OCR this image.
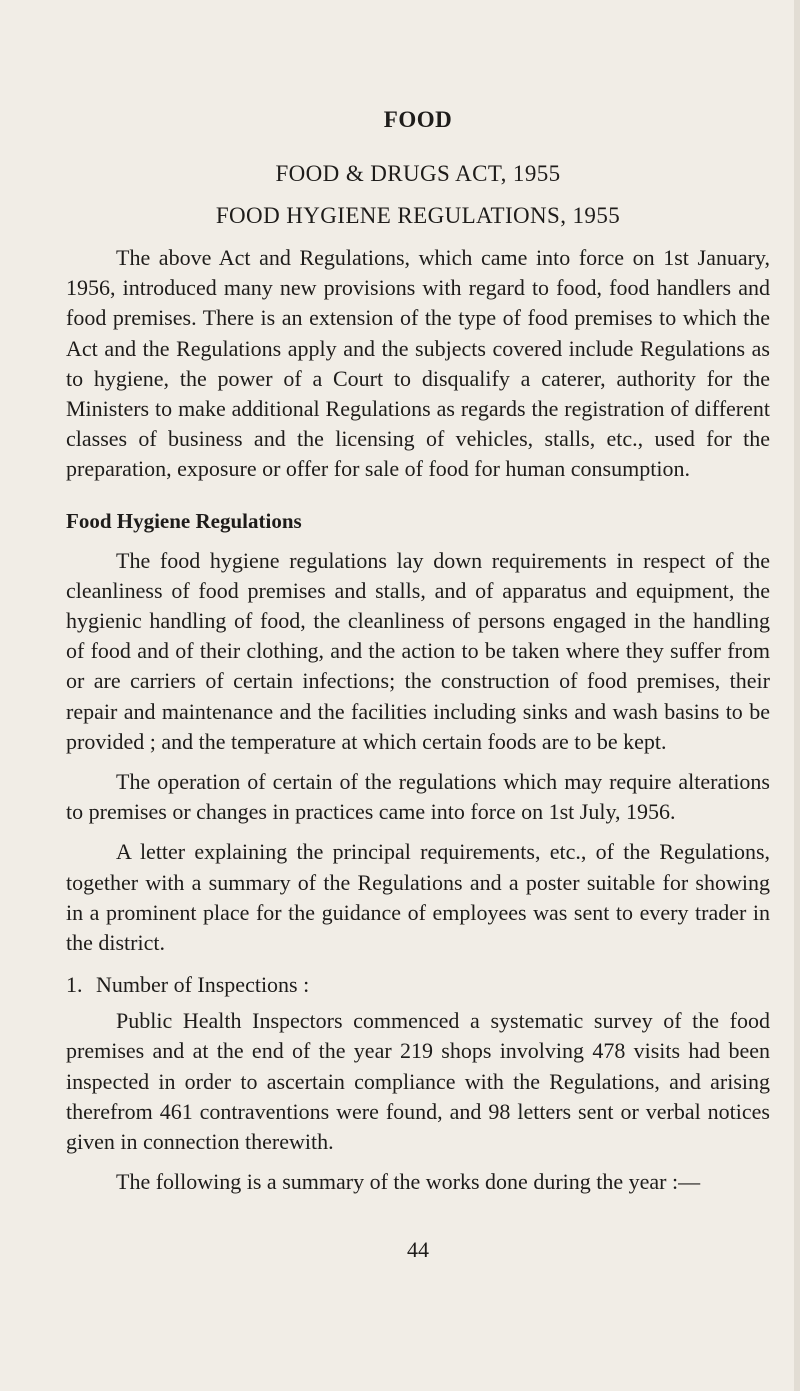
FOOD
FOOD & DRUGS ACT, 1955
FOOD HYGIENE REGULATIONS, 1955

The above Act and Regulations, which came into force on 1st January, 1956, introduced many new provisions with regard to food, food handlers and food premises. There is an extension of the type of food premises to which the Act and the Regulations apply and the subjects covered include Regulations as to hygiene, the power of a Court to disqualify a caterer, authority for the Ministers to make additional Regulations as regards the registration of different classes of business and the licensing of vehicles, stalls, etc., used for the preparation, exposure or offer for sale of food for human consumption.

Food Hygiene Regulations

The food hygiene regulations lay down requirements in respect of the cleanliness of food premises and stalls, and of apparatus and equipment, the hygienic handling of food, the cleanliness of persons engaged in the handling of food and of their clothing, and the action to be taken where they suffer from or are carriers of certain infections; the construction of food premises, their repair and maintenance and the facilities including sinks and wash basins to be provided ; and the temperature at which certain foods are to be kept.

The operation of certain of the regulations which may require alterations to premises or changes in practices came into force on 1st July, 1956.

A letter explaining the principal requirements, etc., of the Regulations, together with a summary of the Regulations and a poster suitable for showing in a prominent place for the guidance of employees was sent to every trader in the district.

1. Number of Inspections :

Public Health Inspectors commenced a systematic survey of the food premises and at the end of the year 219 shops involving 478 visits had been inspected in order to ascertain compliance with the Regulations, and arising therefrom 461 contraventions were found, and 98 letters sent or verbal notices given in connection therewith.

The following is a summary of the works done during the year :—

44
